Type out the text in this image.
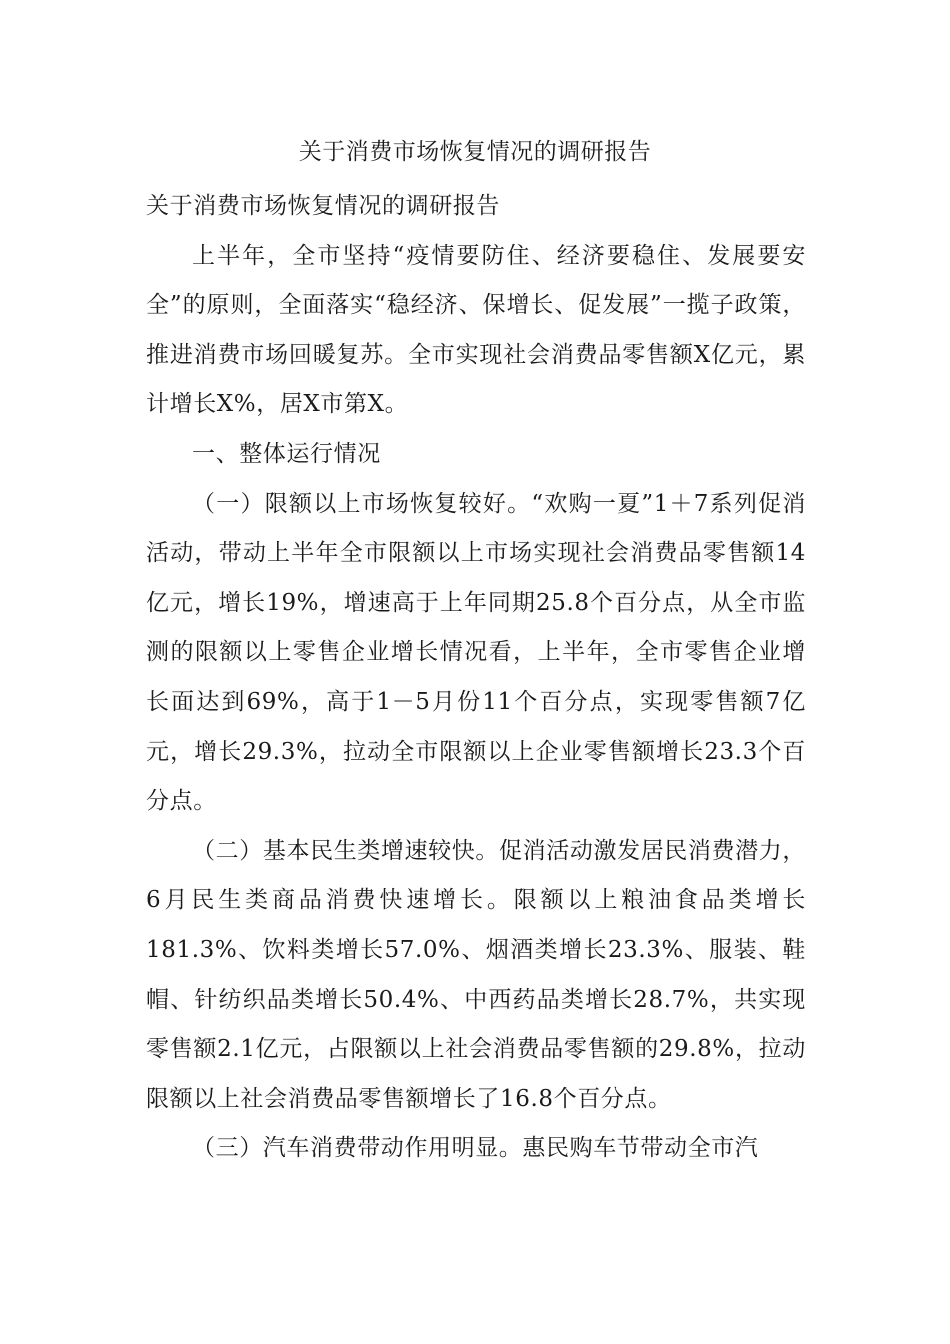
关于消费市场恢复情况的调研报告

关于消费市场恢复情况的调研报告

上半年，全市坚持“疫情要防住、经济要稳住、发展要安全”的原则，全面落实“稳经济、保增长、促发展”一揽子政策，推进消费市场回暖复苏。全市实现社会消费品零售额X亿元，累计增长X%，居X市第X。

一、整体运行情况

（一）限额以上市场恢复较好。“欢购一夏”1＋7系列促消活动，带动上半年全市限额以上市场实现社会消费品零售额14亿元，增长19%，增速高于上年同期25.8个百分点，从全市监测的限额以上零售企业增长情况看，上半年，全市零售企业增长面达到69%，高于1－5月份11个百分点，实现零售额7亿元，增长29.3%，拉动全市限额以上企业零售额增长23.3个百分点。

（二）基本民生类增速较快。促消活动激发居民消费潜力，6月民生类商品消费快速增长。限额以上粮油食品类增长181.3%、饮料类增长57.0%、烟酒类增长23.3%、服装、鞋帽、针纺织品类增长50.4%、中西药品类增长28.7%，共实现零售额2.1亿元，占限额以上社会消费品零售额的29.8%，拉动限额以上社会消费品零售额增长了16.8个百分点。

（三）汽车消费带动作用明显。惠民购车节带动全市汽
